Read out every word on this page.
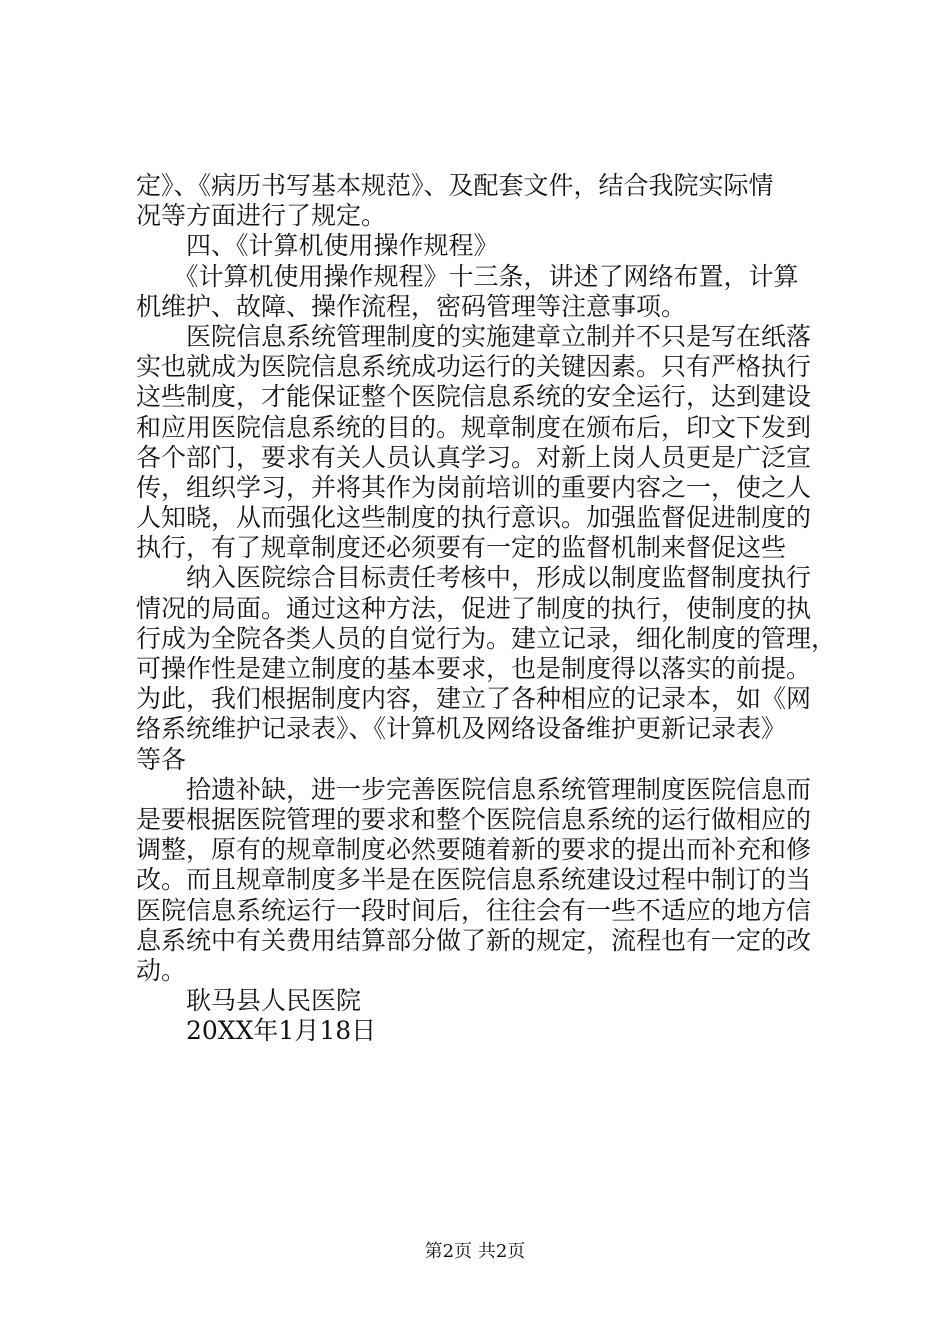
定》、《病历书写基本规范》、及配套文件，结合我院实际情
况等方面进行了规定。
　　四、《计算机使用操作规程》
　　《计算机使用操作规程》十三条，讲述了网络布置，计算
机维护、故障、操作流程，密码管理等注意事项。
　　医院信息系统管理制度的实施建章立制并不只是写在纸落
实也就成为医院信息系统成功运行的关键因素。只有严格执行
这些制度，才能保证整个医院信息系统的安全运行，达到建设
和应用医院信息系统的目的。规章制度在颁布后，印文下发到
各个部门，要求有关人员认真学习。对新上岗人员更是广泛宣
传，组织学习，并将其作为岗前培训的重要内容之一，使之人
人知晓，从而强化这些制度的执行意识。加强监督促进制度的
执行，有了规章制度还必须要有一定的监督机制来督促这些
　　纳入医院综合目标责任考核中，形成以制度监督制度执行
情况的局面。通过这种方法，促进了制度的执行，使制度的执
行成为全院各类人员的自觉行为。建立记录，细化制度的管理，
可操作性是建立制度的基本要求，也是制度得以落实的前提。
为此，我们根据制度内容，建立了各种相应的记录本，如《网
络系统维护记录表》、《计算机及网络设备维护更新记录表》
等各
　　拾遗补缺，进一步完善医院信息系统管理制度医院信息而
是要根据医院管理的要求和整个医院信息系统的运行做相应的
调整，原有的规章制度必然要随着新的要求的提出而补充和修
改。而且规章制度多半是在医院信息系统建设过程中制订的当
医院信息系统运行一段时间后，往往会有一些不适应的地方信
息系统中有关费用结算部分做了新的规定，流程也有一定的改
动。
　　耿马县人民医院
　　20XX年1月18日
第2页 共2页
